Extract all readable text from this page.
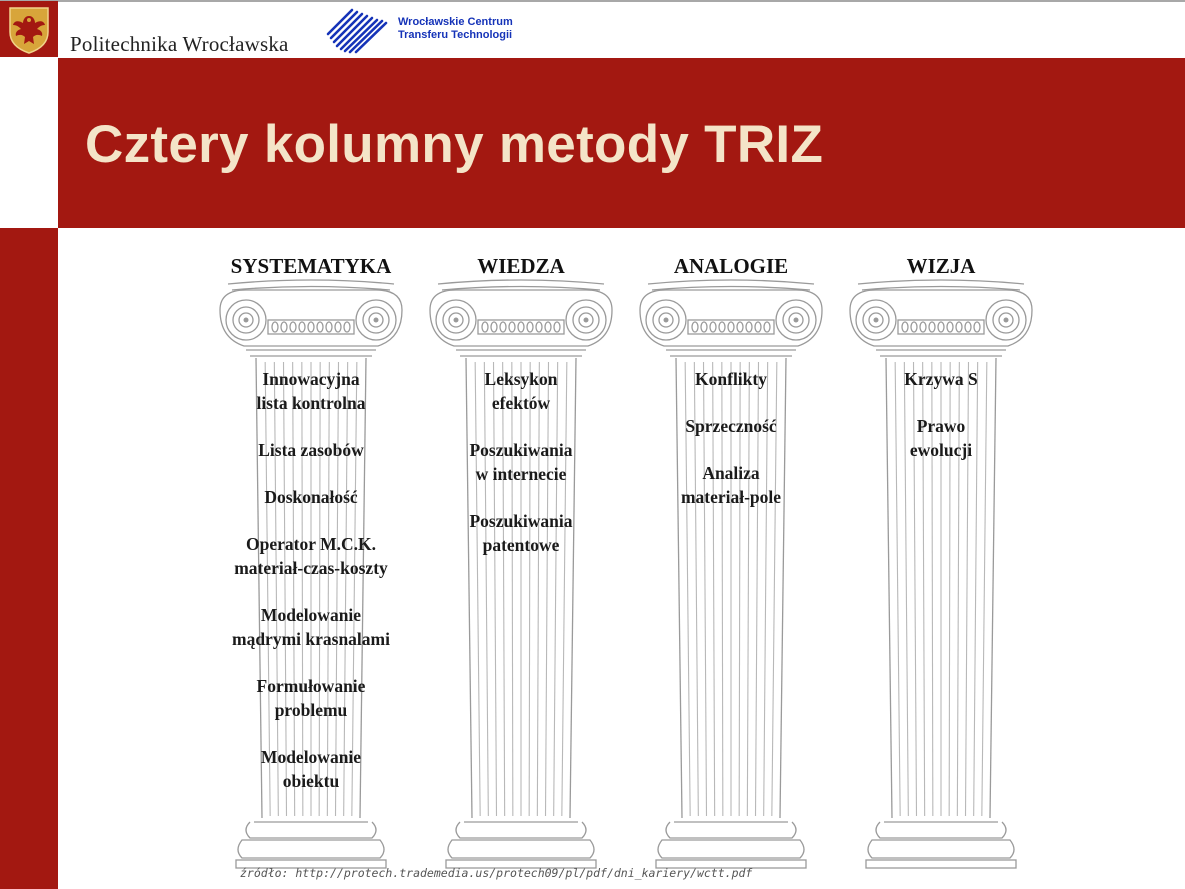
Politechnika Wrocławska
Wrocławskie Centrum
Transferu Technologii
Cztery kolumny metody TRIZ
SYSTEMATYKA
Innowacyjna
lista kontrolna
Lista zasobów
Doskonałość
Operator M.C.K.
materiał-czas-koszty
Modelowanie
mądrymi krasnalami
Formułowanie
problemu
Modelowanie
obiektu
WIEDZA
Leksykon
efektów
Poszukiwania
w internecie
Poszukiwania
patentowe
ANALOGIE
Konflikty
Sprzeczność
Analiza
materiał-pole
WIZJA
Krzywa S
Prawo
ewolucji
źródło: http://protech.trademedia.us/protech09/pl/pdf/dni_kariery/wctt.pdf
